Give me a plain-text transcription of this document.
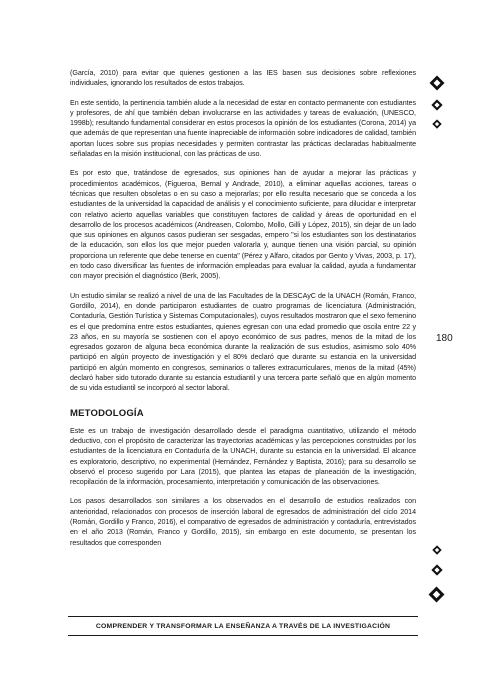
(García, 2010) para evitar que quienes gestionen a las IES basen sus decisiones sobre reflexiones individuales, ignorando los resultados de estos trabajos.

En este sentido, la pertinencia también alude a la necesidad de estar en contacto permanente con estudiantes y profesores, de ahí que también deban involucrarse en las actividades y tareas de evaluación, (UNESCO, 1998b); resultando fundamental considerar en estos procesos la opinión de los estudiantes (Corona, 2014) ya que además de que representan una fuente inapreciable de información sobre indicadores de calidad, también aportan luces sobre sus propias necesidades y permiten contrastar las prácticas declaradas habitualmente señaladas en la misión institucional, con las prácticas de uso.

Es por esto que, tratándose de egresados, sus opiniones han de ayudar a mejorar las prácticas y procedimientos académicos, (Figueroa, Bernal y Andrade, 2010), a eliminar aquellas acciones, tareas o técnicas que resulten obsoletas o en su caso a mejorarlas; por ello resulta necesario que se conceda a los estudiantes de la universidad la capacidad de análisis y el conocimiento suficiente, para dilucidar e interpretar con relativo acierto aquellas variables que constituyen factores de calidad y áreas de oportunidad en el desarrollo de los procesos académicos (Andreasen, Colombo, Mollo, Gilli y López, 2015), sin dejar de un lado que sus opiniones en algunos casos pudieran ser sesgadas, empero "si los estudiantes son los destinatarios de la educación, son ellos los que mejor pueden valorarla y, aunque tienen una visión parcial, su opinión proporciona un referente que debe tenerse en cuenta" (Pérez y Alfaro, citados por Gento y Vivas, 2003, p. 17), en todo caso diversificar las fuentes de información empleadas para evaluar la calidad, ayuda a fundamentar con mayor precisión el diagnóstico (Berk, 2005).

Un estudio similar se realizó a nivel de una de las Facultades de la DESCAyC de la UNACH (Román, Franco, Gordillo, 2014), en donde participaron estudiantes de cuatro programas de licenciatura (Administración, Contaduría, Gestión Turística y Sistemas Computacionales), cuyos resultados mostraron que el sexo femenino es el que predomina entre estos estudiantes, quienes egresan con una edad promedio que oscila entre 22 y 23 años, en su mayoría se sostienen con el apoyo económico de sus padres, menos de la mitad de los egresados gozaron de alguna beca económica durante la realización de sus estudios, asimismo solo 40% participó en algún proyecto de investigación y el 80% declaró que durante su estancia en la universidad participó en algún momento en congresos, seminarios o talleres extracurriculares, menos de la mitad (45%) declaró haber sido tutorado durante su estancia estudiantil y una tercera parte señaló que en algún momento de su vida estudiantil se incorporó al sector laboral.

METODOLOGÍA

Este es un trabajo de investigación desarrollado desde el paradigma cuantitativo, utilizando el método deductivo, con el propósito de caracterizar las trayectorias académicas y las percepciones construidas por los estudiantes de la licenciatura en Contaduría de la UNACH, durante su estancia en la universidad. El alcance es exploratorio, descriptivo, no experimental (Hernández, Fernández y Baptista, 2016); para su desarrollo se observó el proceso sugerido por Lara (2015), que plantea las etapas de planeación de la investigación, recopilación de la información, procesamiento, interpretación y comunicación de las observaciones.

Los pasos desarrollados son similares a los observados en el desarrollo de estudios realizados con anterioridad, relacionados con procesos de inserción laboral de egresados de administración del ciclo 2014 (Román, Gordillo y Franco, 2016), el comparativo de egresados de administración y contaduría, entrevistados en el año 2013 (Román, Franco y Gordillo, 2015), sin embargo en este documento, se presentan los resultados que corresponden

180
COMPRENDER Y TRANSFORMAR LA ENSEÑANZA A TRAVÉS DE LA INVESTIGACIÓN
